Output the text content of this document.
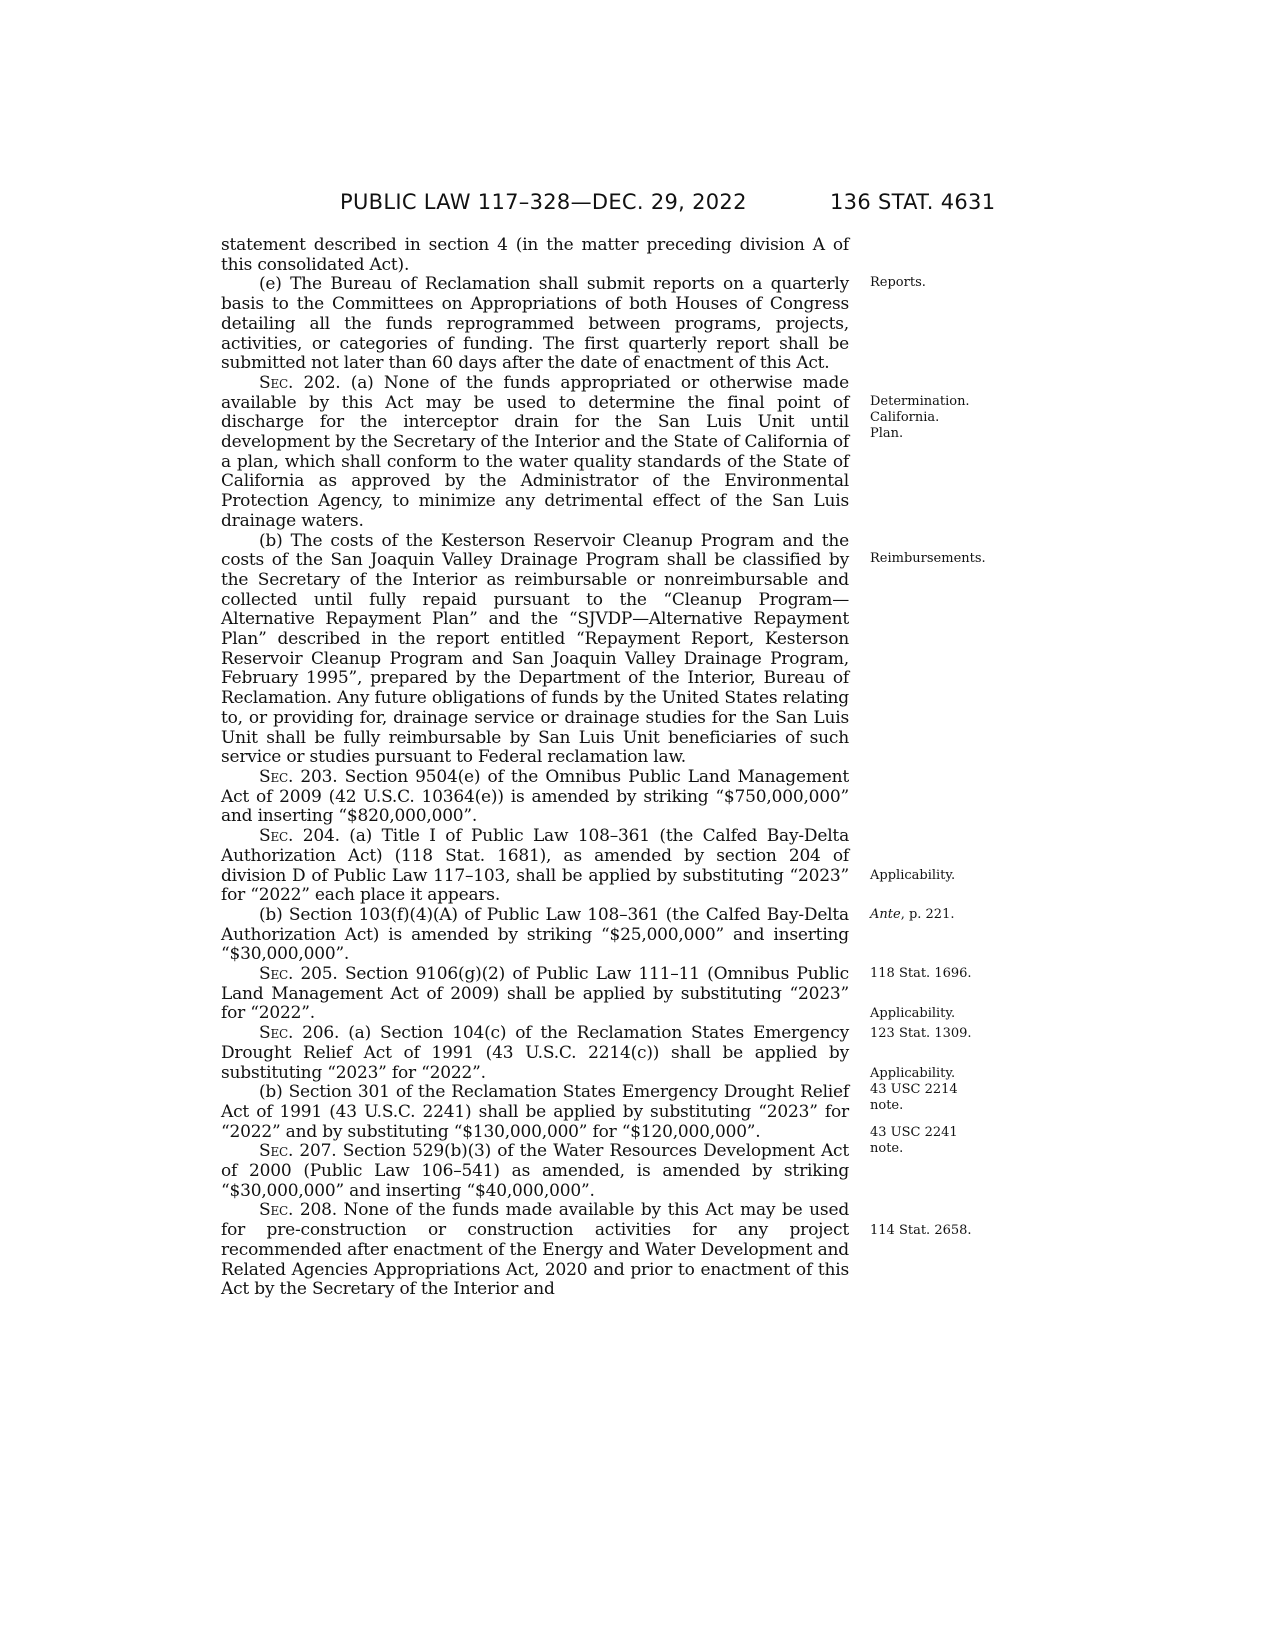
PUBLIC LAW 117–328—DEC. 29, 2022	136 STAT. 4631

statement described in section 4 (in the matter preceding division A of this consolidated Act).

(e) The Bureau of Reclamation shall submit reports on a quarterly basis to the Committees on Appropriations of both Houses of Congress detailing all the funds reprogrammed between programs, projects, activities, or categories of funding. The first quarterly report shall be submitted not later than 60 days after the date of enactment of this Act.

Sec. 202. (a) None of the funds appropriated or otherwise made available by this Act may be used to determine the final point of discharge for the interceptor drain for the San Luis Unit until development by the Secretary of the Interior and the State of California of a plan, which shall conform to the water quality standards of the State of California as approved by the Administrator of the Environmental Protection Agency, to minimize any detrimental effect of the San Luis drainage waters.

(b) The costs of the Kesterson Reservoir Cleanup Program and the costs of the San Joaquin Valley Drainage Program shall be classified by the Secretary of the Interior as reimbursable or nonreimbursable and collected until fully repaid pursuant to the “Cleanup Program—Alternative Repayment Plan” and the “SJVDP—Alternative Repayment Plan” described in the report entitled “Repayment Report, Kesterson Reservoir Cleanup Program and San Joaquin Valley Drainage Program, February 1995”, prepared by the Department of the Interior, Bureau of Reclamation. Any future obligations of funds by the United States relating to, or providing for, drainage service or drainage studies for the San Luis Unit shall be fully reimbursable by San Luis Unit beneficiaries of such service or studies pursuant to Federal reclamation law.

Sec. 203. Section 9504(e) of the Omnibus Public Land Management Act of 2009 (42 U.S.C. 10364(e)) is amended by striking “$750,000,000” and inserting “$820,000,000”.

Sec. 204. (a) Title I of Public Law 108–361 (the Calfed Bay-Delta Authorization Act) (118 Stat. 1681), as amended by section 204 of division D of Public Law 117–103, shall be applied by substituting “2023” for “2022” each place it appears.

(b) Section 103(f)(4)(A) of Public Law 108–361 (the Calfed Bay-Delta Authorization Act) is amended by striking “$25,000,000” and inserting “$30,000,000”.

Sec. 205. Section 9106(g)(2) of Public Law 111–11 (Omnibus Public Land Management Act of 2009) shall be applied by substituting “2023” for “2022”.

Sec. 206. (a) Section 104(c) of the Reclamation States Emergency Drought Relief Act of 1991 (43 U.S.C. 2214(c)) shall be applied by substituting “2023” for “2022”.

(b) Section 301 of the Reclamation States Emergency Drought Relief Act of 1991 (43 U.S.C. 2241) shall be applied by substituting “2023” for “2022” and by substituting “$130,000,000” for “$120,000,000”.

Sec. 207. Section 529(b)(3) of the Water Resources Development Act of 2000 (Public Law 106–541) as amended, is amended by striking “$30,000,000” and inserting “$40,000,000”.

Sec. 208. None of the funds made available by this Act may be used for pre-construction or construction activities for any project recommended after enactment of the Energy and Water Development and Related Agencies Appropriations Act, 2020 and prior to enactment of this Act by the Secretary of the Interior and

Reports.
Determination.
California.
Plan.
Reimbursements.
Applicability.
Ante, p. 221.
118 Stat. 1696.
Applicability.
123 Stat. 1309.
Applicability.
43 USC 2214
note.
43 USC 2241
note.
114 Stat. 2658.
